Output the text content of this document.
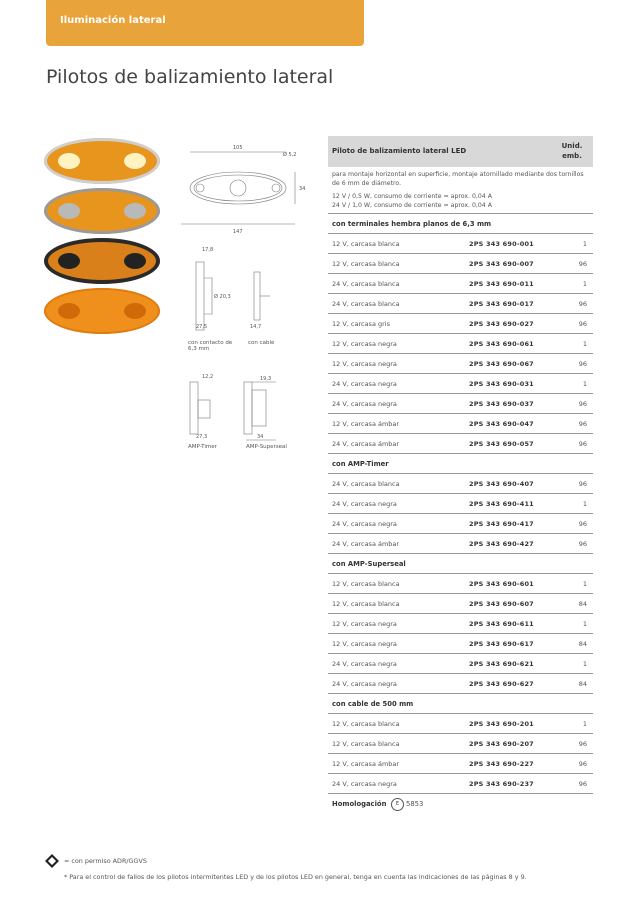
Iluminación lateral
Pilotos de balizamiento lateral
105
Ø 5,2
34
147
17,8
Ø 20,3
27,5	14,7
12,2	19,3
27,3	34
con contacto de 6,3 mm
con cable
AMP-Timer	AMP-Superseal
Piloto de balizamiento lateral LED
Unid. emb.

para montaje horizontal en superficie, montaje atornillado mediante dos tornillos de 6 mm de diámetro.

12 V / 0,5 W, consumo de corriente = aprox. 0,04 A
24 V / 1,0 W, consumo de corriente = aprox. 0,04 A

con terminales hembra planos de 6,3 mm
12 V, carcasa blanca	2PS 343 690-001	1
12 V, carcasa blanca	2PS 343 690-007	96
24 V, carcasa blanca	2PS 343 690-011	1
24 V, carcasa blanca	2PS 343 690-017	96
12 V, carcasa gris	2PS 343 690-027	96
12 V, carcasa negra	2PS 343 690-061	1
12 V, carcasa negra	2PS 343 690-067	96
24 V, carcasa negra	2PS 343 690-031	1
24 V, carcasa negra	2PS 343 690-037	96
12 V, carcasa ámbar	2PS 343 690-047	96
24 V, carcasa ámbar	2PS 343 690-057	96
con AMP-Timer
24 V, carcasa blanca	2PS 343 690-407	96
24 V, carcasa negra	2PS 343 690-411	1
24 V, carcasa negra	2PS 343 690-417	96
24 V, carcasa ámbar	2PS 343 690-427	96
con AMP-Superseal
12 V, carcasa blanca	2PS 343 690-601	1
12 V, carcasa blanca	2PS 343 690-607	84
12 V, carcasa negra	2PS 343 690-611	1
12 V, carcasa negra	2PS 343 690-617	84
24 V, carcasa negra	2PS 343 690-621	1
24 V, carcasa negra	2PS 343 690-627	84
con cable de 500 mm
12 V, carcasa blanca	2PS 343 690-201	1
12 V, carcasa blanca	2PS 343 690-207	96
12 V, carcasa ámbar	2PS 343 690-227	96
24 V, carcasa negra	2PS 343 690-237	96
Homologación	E	5853
= con permiso ADR/GGVS
* Para el control de fallos de los pilotos intermitentes LED y de los pilotos LED en general, tenga en cuenta las indicaciones de las páginas 8 y 9.
